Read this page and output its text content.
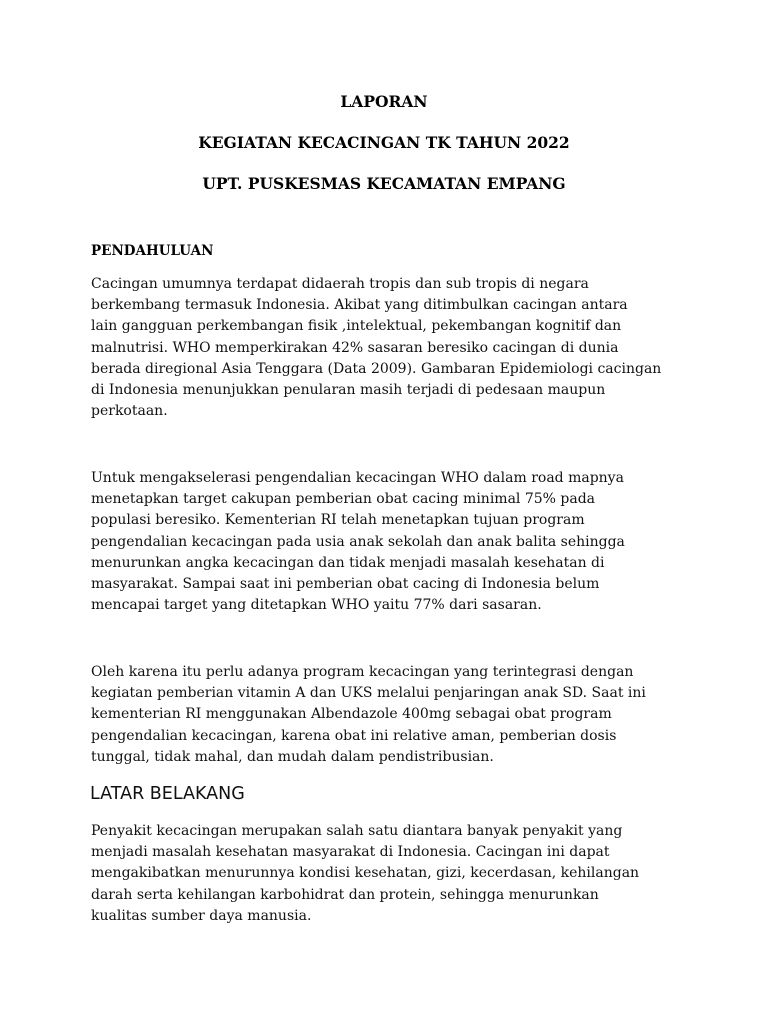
LAPORAN
KEGIATAN KECACINGAN TK TAHUN 2022
UPT. PUSKESMAS KECAMATAN EMPANG
PENDAHULUAN

Cacingan umumnya terdapat didaerah tropis dan sub tropis di negara
berkembang termasuk Indonesia. Akibat yang ditimbulkan cacingan antara
lain gangguan perkembangan fisik ,intelektual, pekembangan kognitif dan
malnutrisi. WHO memperkirakan 42% sasaran beresiko cacingan di dunia
berada diregional Asia Tenggara (Data 2009). Gambaran Epidemiologi cacingan
di Indonesia menunjukkan penularan masih terjadi di pedesaan maupun
perkotaan.

Untuk mengakselerasi pengendalian kecacingan WHO dalam road mapnya
menetapkan target cakupan pemberian obat cacing minimal 75% pada
populasi beresiko. Kementerian RI telah menetapkan tujuan program
pengendalian kecacingan pada usia anak sekolah dan anak balita sehingga
menurunkan angka kecacingan dan tidak menjadi masalah kesehatan di
masyarakat. Sampai saat ini pemberian obat cacing di Indonesia belum
mencapai target yang ditetapkan WHO yaitu 77% dari sasaran.

Oleh karena itu perlu adanya program kecacingan yang terintegrasi dengan
kegiatan pemberian vitamin A dan UKS melalui penjaringan anak SD. Saat ini
kementerian RI menggunakan Albendazole 400mg sebagai obat program
pengendalian kecacingan, karena obat ini relative aman, pemberian dosis
tunggal, tidak mahal, dan mudah dalam pendistribusian.

LATAR BELAKANG

Penyakit kecacingan merupakan salah satu diantara banyak penyakit yang
menjadi masalah kesehatan masyarakat di Indonesia. Cacingan ini dapat
mengakibatkan menurunnya kondisi kesehatan, gizi, kecerdasan, kehilangan
darah serta kehilangan karbohidrat dan protein, sehingga menurunkan
kualitas sumber daya manusia.
